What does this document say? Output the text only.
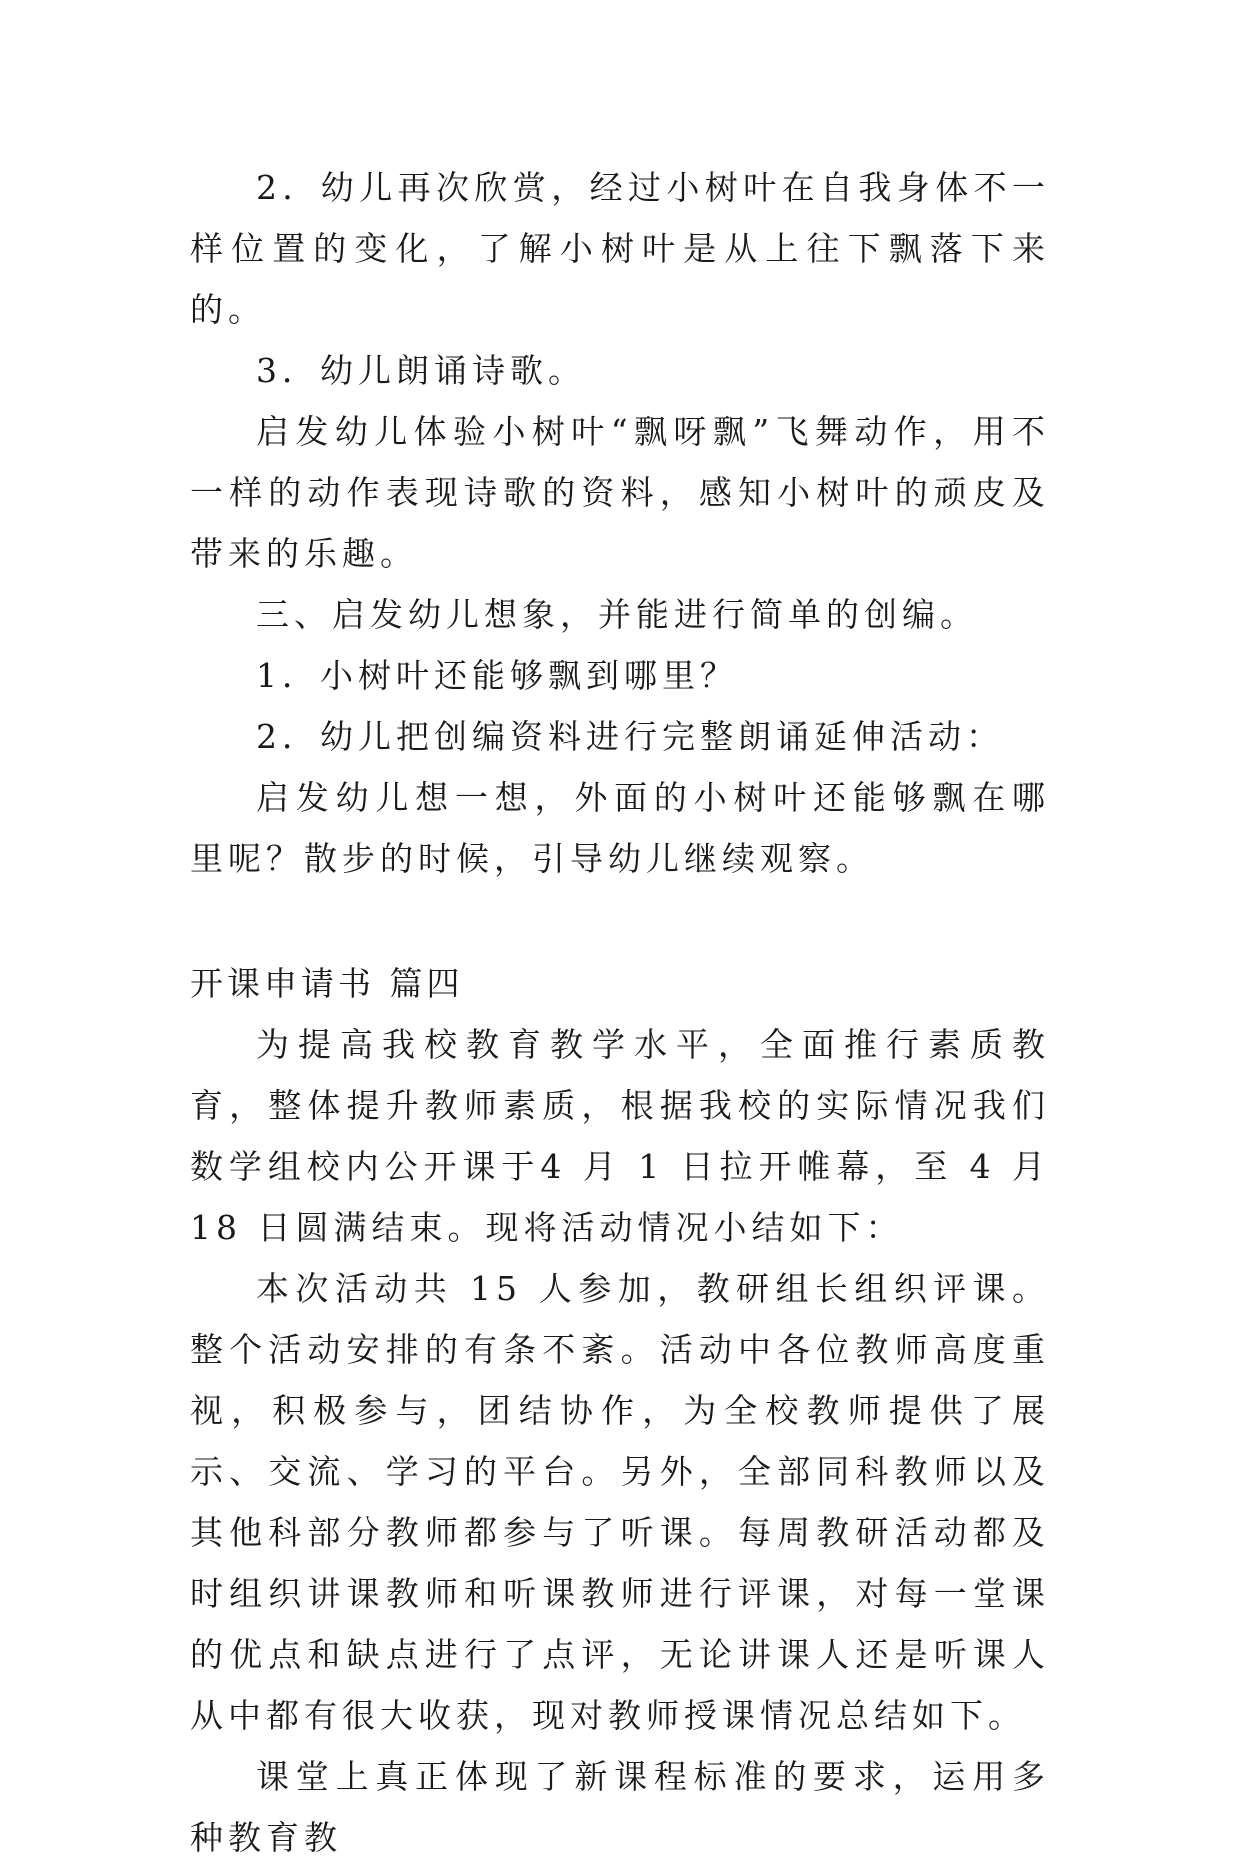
2．幼儿再次欣赏，经过小树叶在自我身体不一样位置的变化，了解小树叶是从上往下飘落下来的。

3．幼儿朗诵诗歌。

启发幼儿体验小树叶“飘呀飘”飞舞动作，用不一样的动作表现诗歌的资料，感知小树叶的顽皮及带来的乐趣。

三、启发幼儿想象，并能进行简单的创编。

1．小树叶还能够飘到哪里？

2．幼儿把创编资料进行完整朗诵延伸活动：

启发幼儿想一想，外面的小树叶还能够飘在哪里呢？散步的时候，引导幼儿继续观察。

开课申请书 篇四

为提高我校教育教学水平，全面推行素质教育，整体提升教师素质，根据我校的实际情况我们数学组校内公开课于4 月 1 日拉开帷幕，至 4 月 18 日圆满结束。现将活动情况小结如下：

本次活动共 15 人参加，教研组长组织评课。整个活动安排的有条不紊。活动中各位教师高度重视，积极参与，团结协作，为全校教师提供了展示、交流、学习的平台。另外，全部同科教师以及其他科部分教师都参与了听课。每周教研活动都及时组织讲课教师和听课教师进行评课，对每一堂课的优点和缺点进行了点评，无论讲课人还是听课人从中都有很大收获，现对教师授课情况总结如下。

课堂上真正体现了新课程标准的要求，运用多种教育教
